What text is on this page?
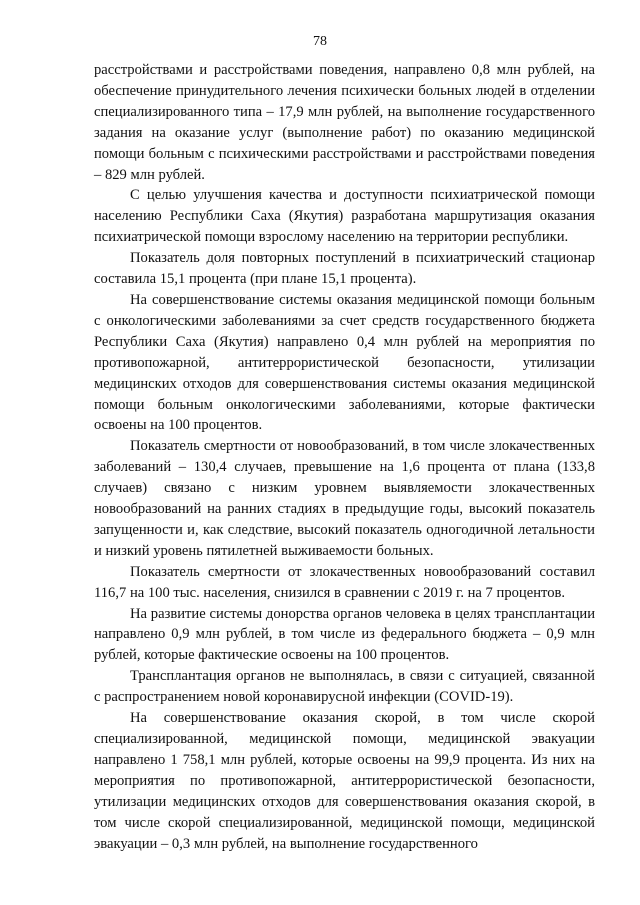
78

расстройствами и расстройствами поведения, направлено 0,8 млн рублей, на обеспечение принудительного лечения психически больных людей в отделении специализированного типа – 17,9 млн рублей, на выполнение государственного задания на оказание услуг (выполнение работ) по оказанию медицинской помощи больным с психическими расстройствами и расстройствами поведения – 829 млн рублей.

С целью улучшения качества и доступности психиатрической помощи населению Республики Саха (Якутия) разработана маршрутизация оказания психиатрической помощи взрослому населению на территории республики.

Показатель доля повторных поступлений в психиатрический стационар составила 15,1 процента (при плане 15,1 процента).

На совершенствование системы оказания медицинской помощи больным с онкологическими заболеваниями за счет средств государственного бюджета Республики Саха (Якутия) направлено 0,4 млн рублей на мероприятия по противопожарной, антитеррористической безопасности, утилизации медицинских отходов для совершенствования системы оказания медицинской помощи больным онкологическими заболеваниями, которые фактически освоены на 100 процентов.

Показатель смертности от новообразований, в том числе злокачественных заболеваний – 130,4 случаев, превышение на 1,6 процента от плана (133,8 случаев) связано с низким уровнем выявляемости злокачественных новообразований на ранних стадиях в предыдущие годы, высокий показатель запущенности и, как следствие, высокий показатель одногодичной летальности и низкий уровень пятилетней выживаемости больных.

Показатель смертности от злокачественных новообразований составил 116,7 на 100 тыс. населения, снизился в сравнении с 2019 г. на 7 процентов.

На развитие системы донорства органов человека в целях трансплантации направлено 0,9 млн рублей, в том числе из федерального бюджета – 0,9 млн рублей, которые фактические освоены на 100 процентов.

Трансплантация органов не выполнялась, в связи с ситуацией, связанной с распространением новой коронавирусной инфекции (COVID-19).

На совершенствование оказания скорой, в том числе скорой специализированной, медицинской помощи, медицинской эвакуации направлено 1 758,1 млн рублей, которые освоены на 99,9 процента. Из них на мероприятия по противопожарной, антитеррористической безопасности, утилизации медицинских отходов для совершенствования оказания скорой, в том числе скорой специализированной, медицинской помощи, медицинской эвакуации – 0,3 млн рублей, на выполнение государственного
